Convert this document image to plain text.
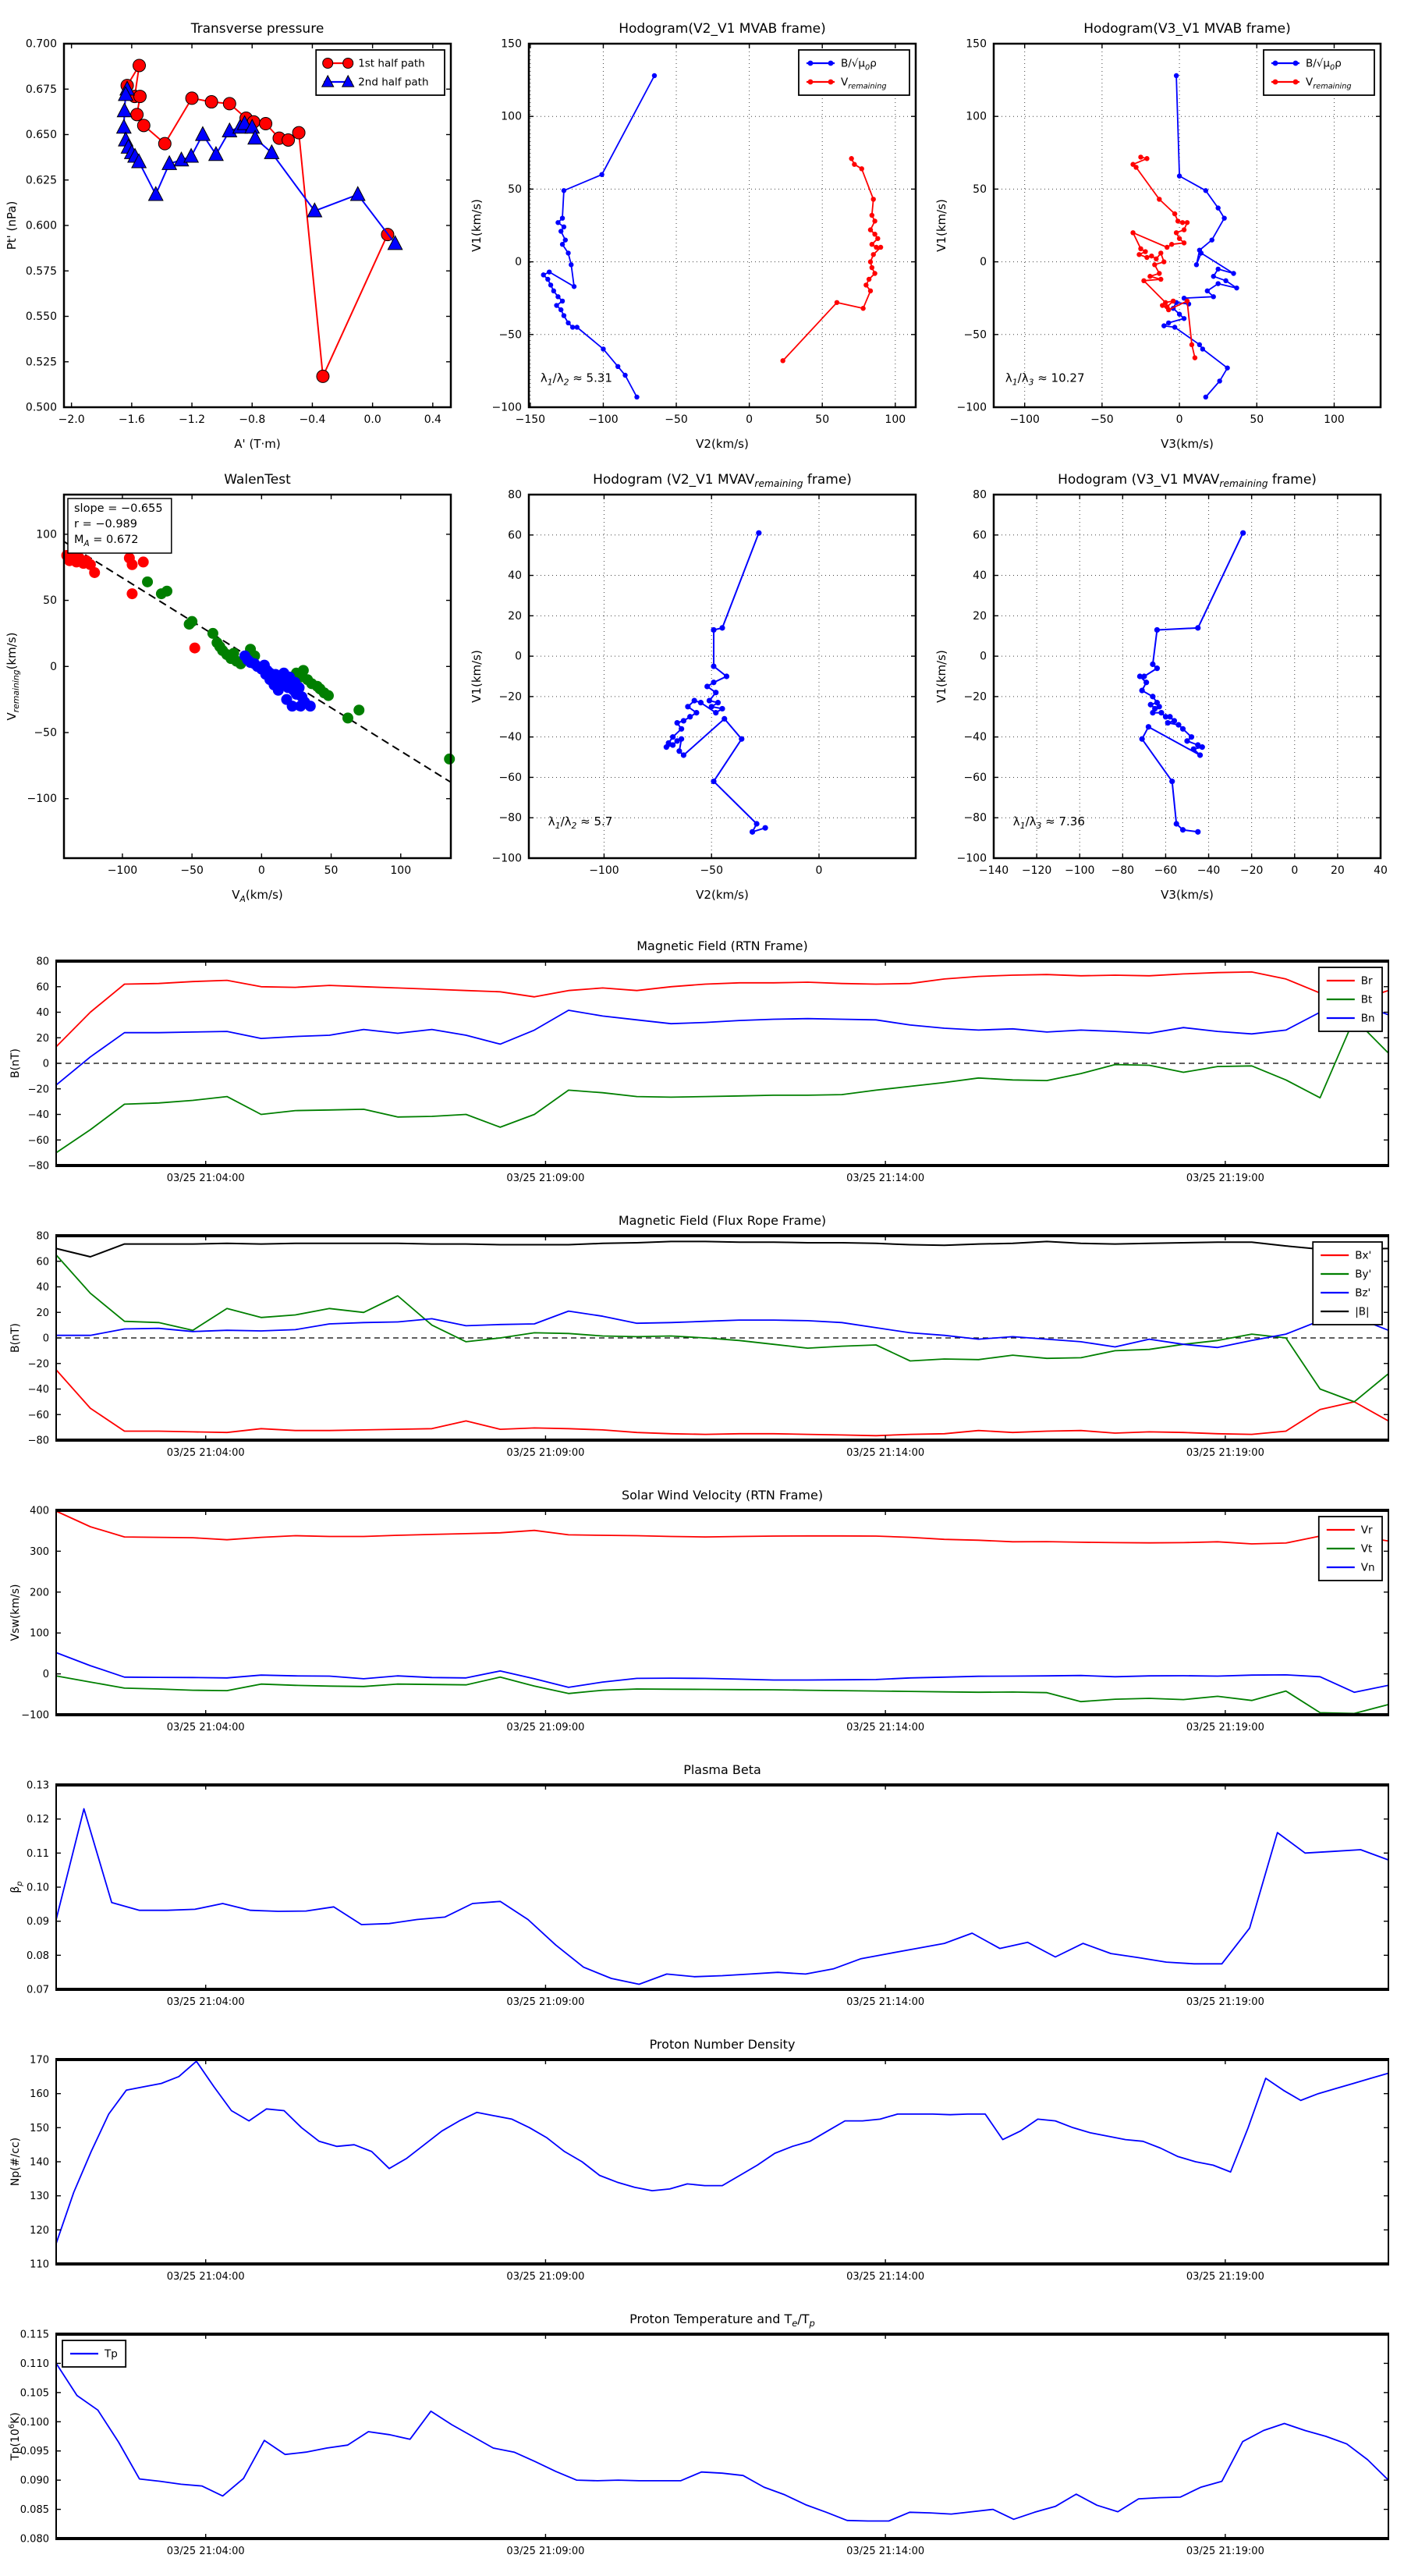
−2.0	−1.6	−1.2	−0.8	−0.4	0.0	0.4
0.500
0.525
0.550
0.575
0.600
0.625
0.650
0.675
0.700
Transverse pressure
A' (T·m)
Pt' (nPa)
1st half path
2nd half path
−150	−100	−50	0	50	100
−100
−50
0
50
100
150
Hodogram(V2_V1 MVAB frame)
V2(km/s)
V1(km/s)
$\lambda_1/\lambda_2 \approx 5.31$
$B/√\mu_0\rho$
$V_{remaining}$
−100	−50	0	50	100
−100
−50
0
50
100
150
Hodogram(V3_V1 MVAB frame)
V3(km/s)
V1(km/s)
$\lambda_1/\lambda_3 \approx 10.27$
$B/√\mu_0\rho$
$V_{remaining}$
−100	−50	0	50	100
−100
−50
0
50
100
WalenTest
$V_A(km/s)$
$V_{remaining}(km/s)$
slope = −0.655
r = −0.989
$M_A = 0.672$
−100	−50	0
−100
−80
−60
−40
−20
0
20
40
60
80
Hodogram (V2_V1 $MVAV_{remaining}$ frame)
V2(km/s)
V1(km/s)
$\lambda_1/\lambda_2 \approx 5.7$
−140 −120 −100 −80 −60 −40 −20	0	20	40
−100
−80
−60
−40
−20
0
20
40
60
80
Hodogram (V3_V1 $MVAV_{remaining}$ frame)
V3(km/s)
V1(km/s)
$\lambda_1/\lambda_3 \approx 7.36$
03/25 21:04:00	03/25 21:09:00	03/25 21:14:00	03/25 21:19:00
−80
−60
−40
−20
0
20
40
60
80
Magnetic Field (RTN Frame)
B(nT)
Br
Bt
Bn
03/25 21:04:00	03/25 21:09:00	03/25 21:14:00	03/25 21:19:00
−80
−60
−40
−20
0
20
40
60
80
Magnetic Field (Flux Rope Frame)
B(nT)
Bx'
By'
Bz'
|B|
03/25 21:04:00	03/25 21:09:00	03/25 21:14:00	03/25 21:19:00
−100
0
100
200
300
400
Solar Wind Velocity (RTN Frame)
Vsw(km/s)
Vr
Vt
Vn
03/25 21:04:00	03/25 21:09:00	03/25 21:14:00	03/25 21:19:00
0.07
0.08
0.09
0.10
0.11
0.12
0.13
Plasma Beta
$\beta_p$
03/25 21:04:00	03/25 21:09:00	03/25 21:14:00	03/25 21:19:00
110
120
130
140
150
160
170
Proton Number Density
Np(#/cc)
03/25 21:04:00	03/25 21:09:00	03/25 21:14:00	03/25 21:19:00
0.080
0.085
0.090
0.095
0.100
0.105
0.110
0.115
Proton Temperature and $T_e/T_p$
$Tp(10^6K)$
Tp
